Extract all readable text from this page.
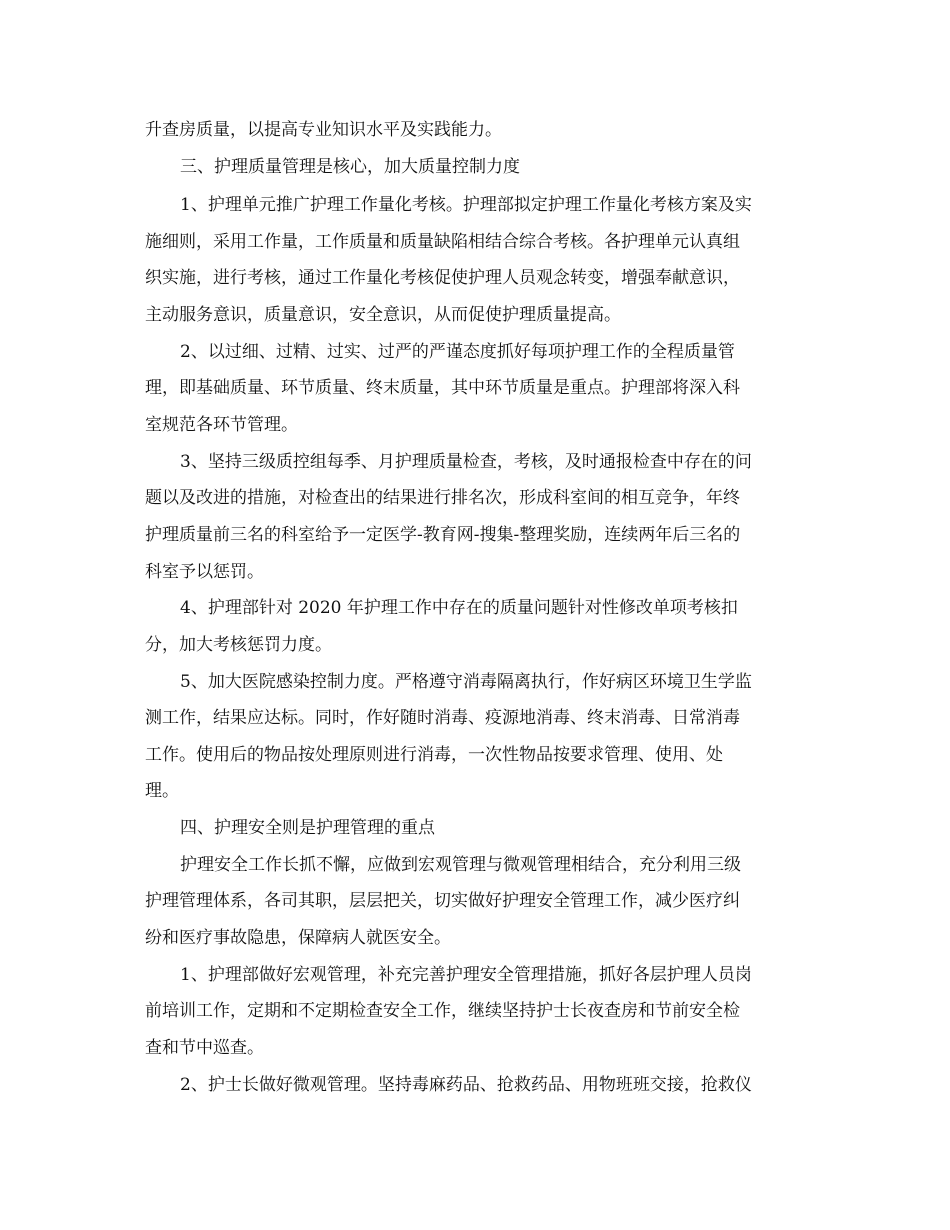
升查房质量，以提高专业知识水平及实践能力。
三、护理质量管理是核心，加大质量控制力度
1、护理单元推广护理工作量化考核。护理部拟定护理工作量化考核方案及实
施细则，采用工作量，工作质量和质量缺陷相结合综合考核。各护理单元认真组
织实施，进行考核，通过工作量化考核促使护理人员观念转变，增强奉献意识，
主动服务意识，质量意识，安全意识，从而促使护理质量提高。
2、以过细、过精、过实、过严的严谨态度抓好每项护理工作的全程质量管
理，即基础质量、环节质量、终末质量，其中环节质量是重点。护理部将深入科
室规范各环节管理。
3、坚持三级质控组每季、月护理质量检查，考核，及时通报检查中存在的问
题以及改进的措施，对检查出的结果进行排名次，形成科室间的相互竞争，年终
护理质量前三名的科室给予一定医学-教育网-搜集-整理奖励，连续两年后三名的
科室予以惩罚。
4、护理部针对 2020 年护理工作中存在的质量问题针对性修改单项考核扣
分，加大考核惩罚力度。
5、加大医院感染控制力度。严格遵守消毒隔离执行，作好病区环境卫生学监
测工作，结果应达标。同时，作好随时消毒、疫源地消毒、终末消毒、日常消毒
工作。使用后的物品按处理原则进行消毒，一次性物品按要求管理、使用、处
理。
四、护理安全则是护理管理的重点
护理安全工作长抓不懈，应做到宏观管理与微观管理相结合，充分利用三级
护理管理体系，各司其职，层层把关，切实做好护理安全管理工作，减少医疗纠
纷和医疗事故隐患，保障病人就医安全。
1、护理部做好宏观管理，补充完善护理安全管理措施，抓好各层护理人员岗
前培训工作，定期和不定期检查安全工作，继续坚持护士长夜查房和节前安全检
查和节中巡查。
2、护士长做好微观管理。坚持毒麻药品、抢救药品、用物班班交接，抢救仪
